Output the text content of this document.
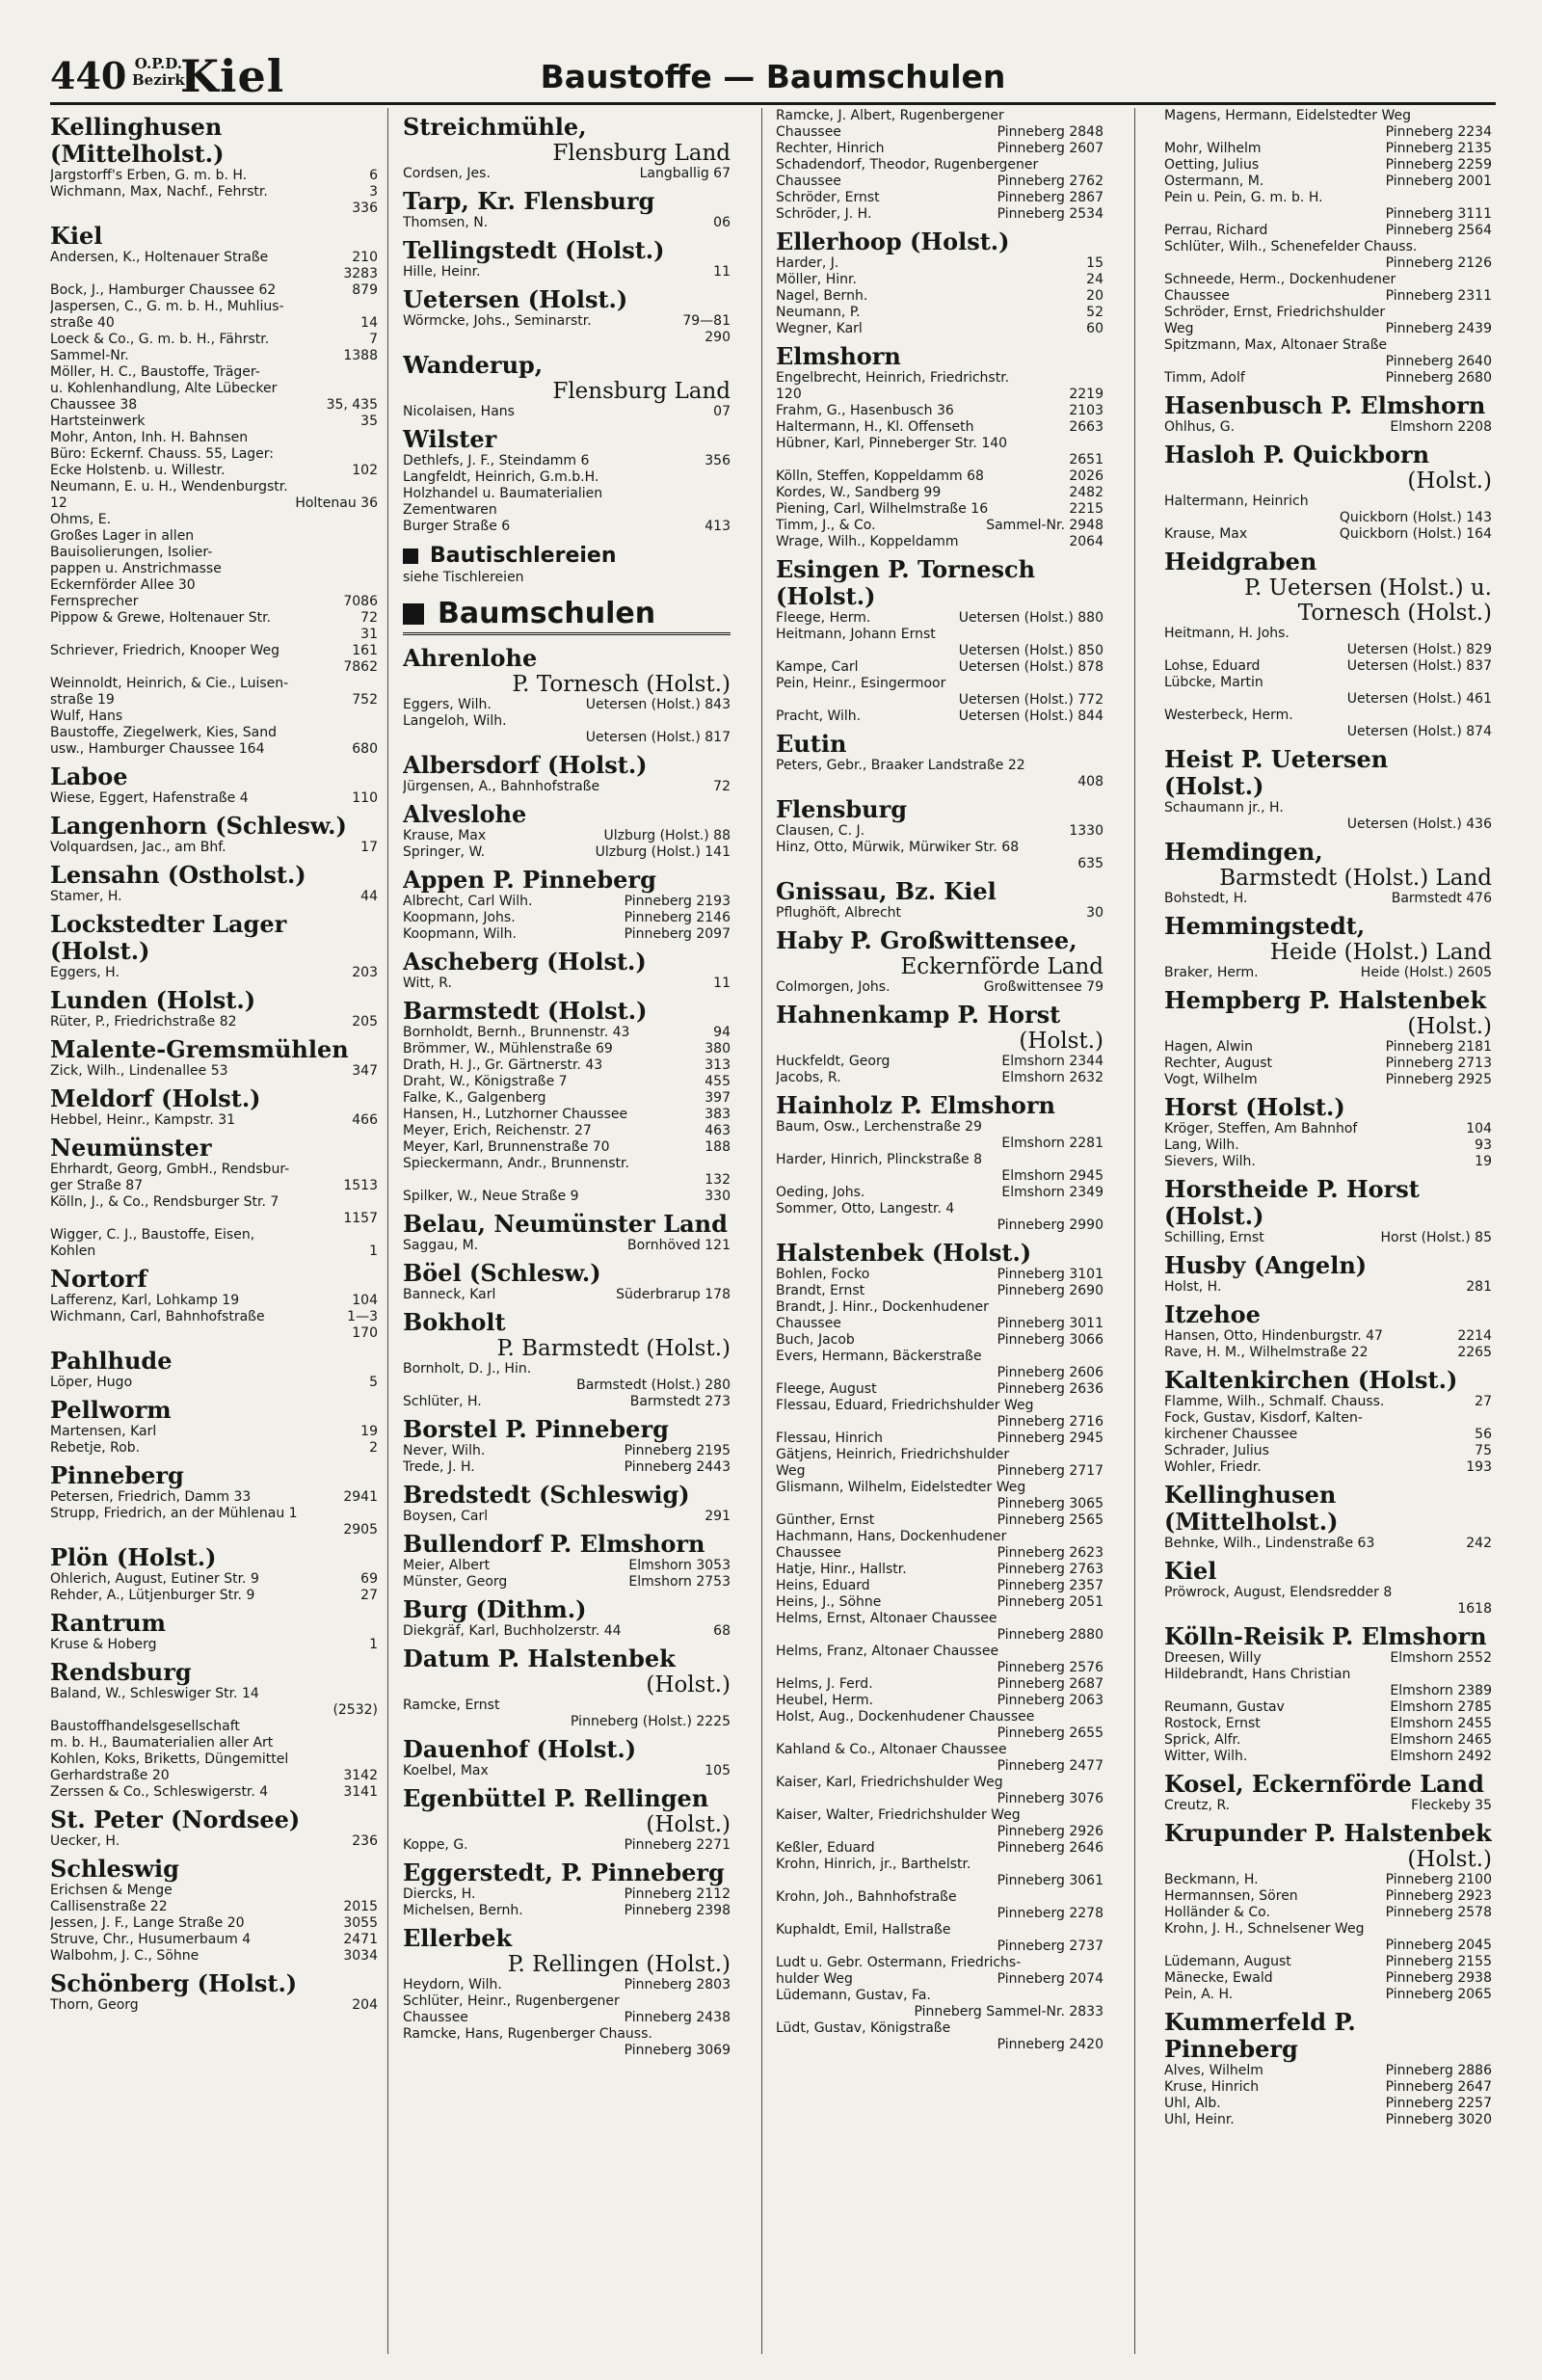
440 O.P.D.
Bezirk
Kiel	Baustoffe — Baumschulen
Kellinghusen (Mittelholst.)
Jargstorff's Erben, G. m. b. H.	6
Wichmann, Max, Nachf., Fehrstr.	3
336
Kiel
Andersen, K., Holtenauer Straße	210
3283
Bock, J., Hamburger Chaussee 62	879
Jaspersen, C., G. m. b. H., Muhlius-
straße 40	14
Loeck & Co., G. m. b. H., Fährstr.	7
Sammel-Nr.	1388
Möller, H. C., Baustoffe, Träger-
u. Kohlenhandlung, Alte Lübecker
Chaussee 38	35, 435
Hartsteinwerk	35
Mohr, Anton, Inh. H. Bahnsen
Büro: Eckernf. Chauss. 55, Lager:
Ecke Holstenb. u. Willestr.	102
Neumann, E. u. H., Wendenburgstr.
12	Holtenau 36
Ohms, E.
Großes Lager in allen
Bauisolierungen, Isolier-
pappen u. Anstrichmasse
Eckernförder Allee 30
Fernsprecher	7086
Pippow & Grewe, Holtenauer Str.	72
31
Schriever, Friedrich, Knooper Weg	161
7862
Weinnoldt, Heinrich, & Cie., Luisen-
straße 19	752
Wulf, Hans
Baustoffe, Ziegelwerk, Kies, Sand
usw., Hamburger Chaussee 164	680
Laboe
Wiese, Eggert, Hafenstraße 4	110
Langenhorn (Schlesw.)
Volquardsen, Jac., am Bhf.	17
Lensahn (Ostholst.)
Stamer, H.	44
Lockstedter Lager (Holst.)
Eggers, H.	203
Lunden (Holst.)
Rüter, P., Friedrichstraße 82	205
Malente-Gremsmühlen
Zick, Wilh., Lindenallee 53	347
Meldorf (Holst.)
Hebbel, Heinr., Kampstr. 31	466
Neumünster
Ehrhardt, Georg, GmbH., Rendsbur-
ger Straße 87	1513
Kölln, J., & Co., Rendsburger Str. 7
1157
Wigger, C. J., Baustoffe, Eisen,
Kohlen	1
Nortorf
Lafferenz, Karl, Lohkamp 19	104
Wichmann, Carl, Bahnhofstraße	1—3
170
Pahlhude
Löper, Hugo	5
Pellworm
Martensen, Karl	19
Rebetje, Rob.	2
Pinneberg
Petersen, Friedrich, Damm 33	2941
Strupp, Friedrich, an der Mühlenau 1
2905
Plön (Holst.)
Ohlerich, August, Eutiner Str. 9	69
Rehder, A., Lütjenburger Str. 9	27
Rantrum
Kruse & Hoberg	1
Rendsburg
Baland, W., Schleswiger Str. 14
(2532)
Baustoffhandelsgesellschaft
m. b. H., Baumaterialien aller Art
Kohlen, Koks, Briketts, Düngemittel
Gerhardstraße 20	3142
Zerssen & Co., Schleswigerstr. 4	3141
St. Peter (Nordsee)
Uecker, H.	236
Schleswig
Erichsen & Menge
Callisenstraße 22	2015
Jessen, J. F., Lange Straße 20	3055
Struve, Chr., Husumerbaum 4	2471
Walbohm, J. C., Söhne	3034
Schönberg (Holst.)
Thorn, Georg	204
Streichmühle,
Flensburg Land
Cordsen, Jes.	Langballig 67
Tarp, Kr. Flensburg
Thomsen, N.	06
Tellingstedt (Holst.)
Hille, Heinr.	11
Uetersen (Holst.)
Wörmcke, Johs., Seminarstr.	79—81
290
Wanderup,
Flensburg Land
Nicolaisen, Hans	07
Wilster
Dethlefs, J. F., Steindamm 6	356
Langfeldt, Heinrich, G.m.b.H.
Holzhandel u. Baumaterialien
Zementwaren
Burger Straße 6	413
Bautischlereien
siehe Tischlereien
Baumschulen
Ahrenlohe
P. Tornesch (Holst.)
Eggers, Wilh.	Uetersen (Holst.) 843
Langeloh, Wilh.
Uetersen (Holst.) 817
Albersdorf (Holst.)
Jürgensen, A., Bahnhofstraße	72
Alveslohe
Krause, Max	Ulzburg (Holst.) 88
Springer, W.	Ulzburg (Holst.) 141
Appen P. Pinneberg
Albrecht, Carl Wilh.	Pinneberg 2193
Koopmann, Johs.	Pinneberg 2146
Koopmann, Wilh.	Pinneberg 2097
Ascheberg (Holst.)
Witt, R.	11
Barmstedt (Holst.)
Bornholdt, Bernh., Brunnenstr. 43	94
Brömmer, W., Mühlenstraße 69	380
Drath, H. J., Gr. Gärtnerstr. 43	313
Draht, W., Königstraße 7	455
Falke, K., Galgenberg	397
Hansen, H., Lutzhorner Chaussee	383
Meyer, Erich, Reichenstr. 27	463
Meyer, Karl, Brunnenstraße 70	188
Spieckermann, Andr., Brunnenstr.
132
Spilker, W., Neue Straße 9	330
Belau, Neumünster Land
Saggau, M.	Bornhöved 121
Böel (Schlesw.)
Banneck, Karl	Süderbrarup 178
Bokholt
P. Barmstedt (Holst.)
Bornholt, D. J., Hin.
Barmstedt (Holst.) 280
Schlüter, H.	Barmstedt 273
Borstel P. Pinneberg
Never, Wilh.	Pinneberg 2195
Trede, J. H.	Pinneberg 2443
Bredstedt (Schleswig)
Boysen, Carl	291
Bullendorf P. Elmshorn
Meier, Albert	Elmshorn 3053
Münster, Georg	Elmshorn 2753
Burg (Dithm.)
Diekgräf, Karl, Buchholzerstr. 44	68
Datum P. Halstenbek
(Holst.)
Ramcke, Ernst
Pinneberg (Holst.) 2225
Dauenhof (Holst.)
Koelbel, Max	105
Egenbüttel P. Rellingen
(Holst.)
Koppe, G.	Pinneberg 2271
Eggerstedt, P. Pinneberg
Diercks, H.	Pinneberg 2112
Michelsen, Bernh.	Pinneberg 2398
Ellerbek
P. Rellingen (Holst.)
Heydorn, Wilh.	Pinneberg 2803
Schlüter, Heinr., Rugenbergener
Chaussee	Pinneberg 2438
Ramcke, Hans, Rugenberger Chauss.
Pinneberg 3069
Ramcke, J. Albert, Rugenbergener
Chaussee	Pinneberg 2848
Rechter, Hinrich	Pinneberg 2607
Schadendorf, Theodor, Rugenbergener
Chaussee	Pinneberg 2762
Schröder, Ernst	Pinneberg 2867
Schröder, J. H.	Pinneberg 2534
Ellerhoop (Holst.)
Harder, J.	15
Möller, Hinr.	24
Nagel, Bernh.	20
Neumann, P.	52
Wegner, Karl	60
Elmshorn
Engelbrecht, Heinrich, Friedrichstr.
120	2219
Frahm, G., Hasenbusch 36	2103
Haltermann, H., Kl. Offenseth	2663
Hübner, Karl, Pinneberger Str. 140
2651
Kölln, Steffen, Koppeldamm 68	2026
Kordes, W., Sandberg 99	2482
Piening, Carl, Wilhelmstraße 16	2215
Timm, J., & Co.	Sammel-Nr. 2948
Wrage, Wilh., Koppeldamm	2064
Esingen P. Tornesch (Holst.)
Fleege, Herm.	Uetersen (Holst.) 880
Heitmann, Johann Ernst
Uetersen (Holst.) 850
Kampe, Carl	Uetersen (Holst.) 878
Pein, Heinr., Esingermoor
Uetersen (Holst.) 772
Pracht, Wilh.	Uetersen (Holst.) 844
Eutin
Peters, Gebr., Braaker Landstraße 22
408
Flensburg
Clausen, C. J.	1330
Hinz, Otto, Mürwik, Mürwiker Str. 68
635
Gnissau, Bz. Kiel
Pflughöft, Albrecht	30
Haby P. Großwittensee,
Eckernförde Land
Colmorgen, Johs.	Großwittensee 79
Hahnenkamp P. Horst
(Holst.)
Huckfeldt, Georg	Elmshorn 2344
Jacobs, R.	Elmshorn 2632
Hainholz P. Elmshorn
Baum, Osw., Lerchenstraße 29
Elmshorn 2281
Harder, Hinrich, Plinckstraße 8
Elmshorn 2945
Oeding, Johs.	Elmshorn 2349
Sommer, Otto, Langestr. 4
Pinneberg 2990
Halstenbek (Holst.)
Bohlen, Focko	Pinneberg 3101
Brandt, Ernst	Pinneberg 2690
Brandt, J. Hinr., Dockenhudener
Chaussee	Pinneberg 3011
Buch, Jacob	Pinneberg 3066
Evers, Hermann, Bäckerstraße
Pinneberg 2606
Fleege, August	Pinneberg 2636
Flessau, Eduard, Friedrichshulder Weg
Pinneberg 2716
Flessau, Hinrich	Pinneberg 2945
Gätjens, Heinrich, Friedrichshulder
Weg	Pinneberg 2717
Glismann, Wilhelm, Eidelstedter Weg
Pinneberg 3065
Günther, Ernst	Pinneberg 2565
Hachmann, Hans, Dockenhudener
Chaussee	Pinneberg 2623
Hatje, Hinr., Hallstr.	Pinneberg 2763
Heins, Eduard	Pinneberg 2357
Heins, J., Söhne	Pinneberg 2051
Helms, Ernst, Altonaer Chaussee
Pinneberg 2880
Helms, Franz, Altonaer Chaussee
Pinneberg 2576
Helms, J. Ferd.	Pinneberg 2687
Heubel, Herm.	Pinneberg 2063
Holst, Aug., Dockenhudener Chaussee
Pinneberg 2655
Kahland & Co., Altonaer Chaussee
Pinneberg 2477
Kaiser, Karl, Friedrichshulder Weg
Pinneberg 3076
Kaiser, Walter, Friedrichshulder Weg
Pinneberg 2926
Keßler, Eduard	Pinneberg 2646
Krohn, Hinrich, jr., Barthelstr.
Pinneberg 3061
Krohn, Joh., Bahnhofstraße
Pinneberg 2278
Kuphaldt, Emil, Hallstraße
Pinneberg 2737
Ludt u. Gebr. Ostermann, Friedrichs-
hulder Weg	Pinneberg 2074
Lüdemann, Gustav, Fa.
Pinneberg Sammel-Nr. 2833
Lüdt, Gustav, Königstraße
Pinneberg 2420
Magens, Hermann, Eidelstedter Weg
Pinneberg 2234
Mohr, Wilhelm	Pinneberg 2135
Oetting, Julius	Pinneberg 2259
Ostermann, M.	Pinneberg 2001
Pein u. Pein, G. m. b. H.
Pinneberg 3111
Perrau, Richard	Pinneberg 2564
Schlüter, Wilh., Schenefelder Chauss.
Pinneberg 2126
Schneede, Herm., Dockenhudener
Chaussee	Pinneberg 2311
Schröder, Ernst, Friedrichshulder
Weg	Pinneberg 2439
Spitzmann, Max, Altonaer Straße
Pinneberg 2640
Timm, Adolf	Pinneberg 2680
Hasenbusch P. Elmshorn
Ohlhus, G.	Elmshorn 2208
Hasloh P. Quickborn
(Holst.)
Haltermann, Heinrich
Quickborn (Holst.) 143
Krause, Max	Quickborn (Holst.) 164
Heidgraben
P. Uetersen (Holst.) u. Tornesch (Holst.)
Heitmann, H. Johs.
Uetersen (Holst.) 829
Lohse, Eduard	Uetersen (Holst.) 837
Lübcke, Martin
Uetersen (Holst.) 461
Westerbeck, Herm.
Uetersen (Holst.) 874
Heist P. Uetersen (Holst.)
Schaumann jr., H.
Uetersen (Holst.) 436
Hemdingen,
Barmstedt (Holst.) Land
Bohstedt, H.	Barmstedt 476
Hemmingstedt,
Heide (Holst.) Land
Braker, Herm.	Heide (Holst.) 2605
Hempberg P. Halstenbek
(Holst.)
Hagen, Alwin	Pinneberg 2181
Rechter, August	Pinneberg 2713
Vogt, Wilhelm	Pinneberg 2925
Horst (Holst.)
Kröger, Steffen, Am Bahnhof	104
Lang, Wilh.	93
Sievers, Wilh.	19
Horstheide P. Horst (Holst.)
Schilling, Ernst	Horst (Holst.) 85
Husby (Angeln)
Holst, H.	281
Itzehoe
Hansen, Otto, Hindenburgstr. 47	2214
Rave, H. M., Wilhelmstraße 22	2265
Kaltenkirchen (Holst.)
Flamme, Wilh., Schmalf. Chauss.	27
Fock, Gustav, Kisdorf, Kalten-
kirchener Chaussee	56
Schrader, Julius	75
Wohler, Friedr.	193
Kellinghusen (Mittelholst.)
Behnke, Wilh., Lindenstraße 63	242
Kiel
Pröwrock, August, Elendsredder 8
1618
Kölln-Reisik P. Elmshorn
Dreesen, Willy	Elmshorn 2552
Hildebrandt, Hans Christian
Elmshorn 2389
Reumann, Gustav	Elmshorn 2785
Rostock, Ernst	Elmshorn 2455
Sprick, Alfr.	Elmshorn 2465
Witter, Wilh.	Elmshorn 2492
Kosel, Eckernförde Land
Creutz, R.	Fleckeby 35
Krupunder P. Halstenbek
(Holst.)
Beckmann, H.	Pinneberg 2100
Hermannsen, Sören	Pinneberg 2923
Holländer & Co.	Pinneberg 2578
Krohn, J. H., Schnelsener Weg
Pinneberg 2045
Lüdemann, August	Pinneberg 2155
Mänecke, Ewald	Pinneberg 2938
Pein, A. H.	Pinneberg 2065
Kummerfeld P. Pinneberg
Alves, Wilhelm	Pinneberg 2886
Kruse, Hinrich	Pinneberg 2647
Uhl, Alb.	Pinneberg 2257
Uhl, Heinr.	Pinneberg 3020
